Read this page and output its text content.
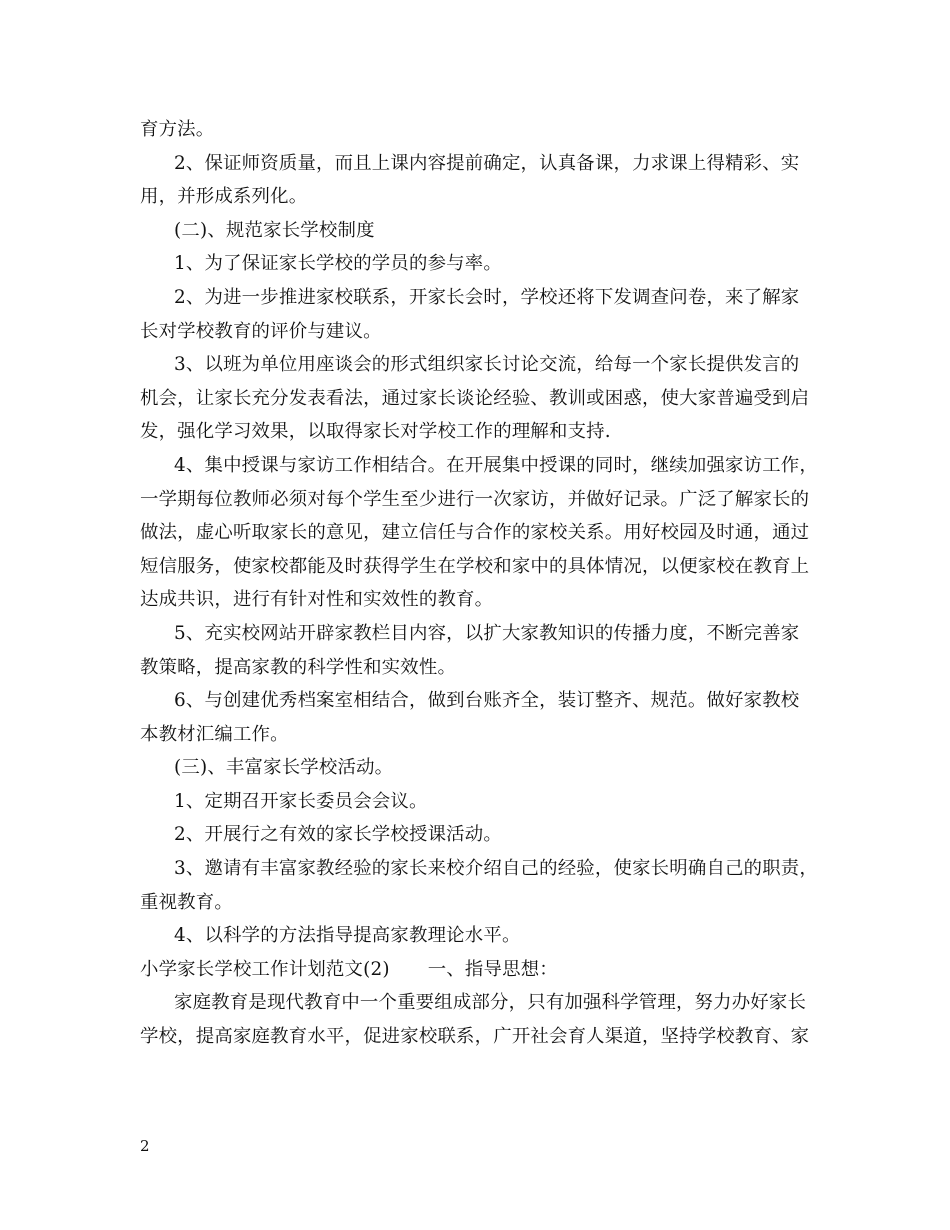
育方法。
2、保证师资质量，而且上课内容提前确定，认真备课，力求课上得精彩、实
用，并形成系列化。
(二)、规范家长学校制度
1、为了保证家长学校的学员的参与率。
2、为进一步推进家校联系，开家长会时，学校还将下发调查问卷，来了解家
长对学校教育的评价与建议。
3、以班为单位用座谈会的形式组织家长讨论交流，给每一个家长提供发言的
机会，让家长充分发表看法，通过家长谈论经验、教训或困惑，使大家普遍受到启
发，强化学习效果，以取得家长对学校工作的理解和支持.
4、集中授课与家访工作相结合。在开展集中授课的同时，继续加强家访工作，
一学期每位教师必须对每个学生至少进行一次家访，并做好记录。广泛了解家长的
做法，虚心听取家长的意见，建立信任与合作的家校关系。用好校园及时通，通过
短信服务，使家校都能及时获得学生在学校和家中的具体情况，以便家校在教育上
达成共识，进行有针对性和实效性的教育。
5、充实校网站开辟家教栏目内容，以扩大家教知识的传播力度，不断完善家
教策略，提高家教的科学性和实效性。
6、与创建优秀档案室相结合，做到台账齐全，装订整齐、规范。做好家教校
本教材汇编工作。
(三)、丰富家长学校活动。
1、定期召开家长委员会会议。
2、开展行之有效的家长学校授课活动。
3、邀请有丰富家教经验的家长来校介绍自己的经验，使家长明确自己的职责，
重视教育。
4、以科学的方法指导提高家教理论水平。
小学家长学校工作计划范文(2) 一、指导思想：
家庭教育是现代教育中一个重要组成部分，只有加强科学管理，努力办好家长
学校，提高家庭教育水平，促进家校联系，广开社会育人渠道，坚持学校教育、家
2
